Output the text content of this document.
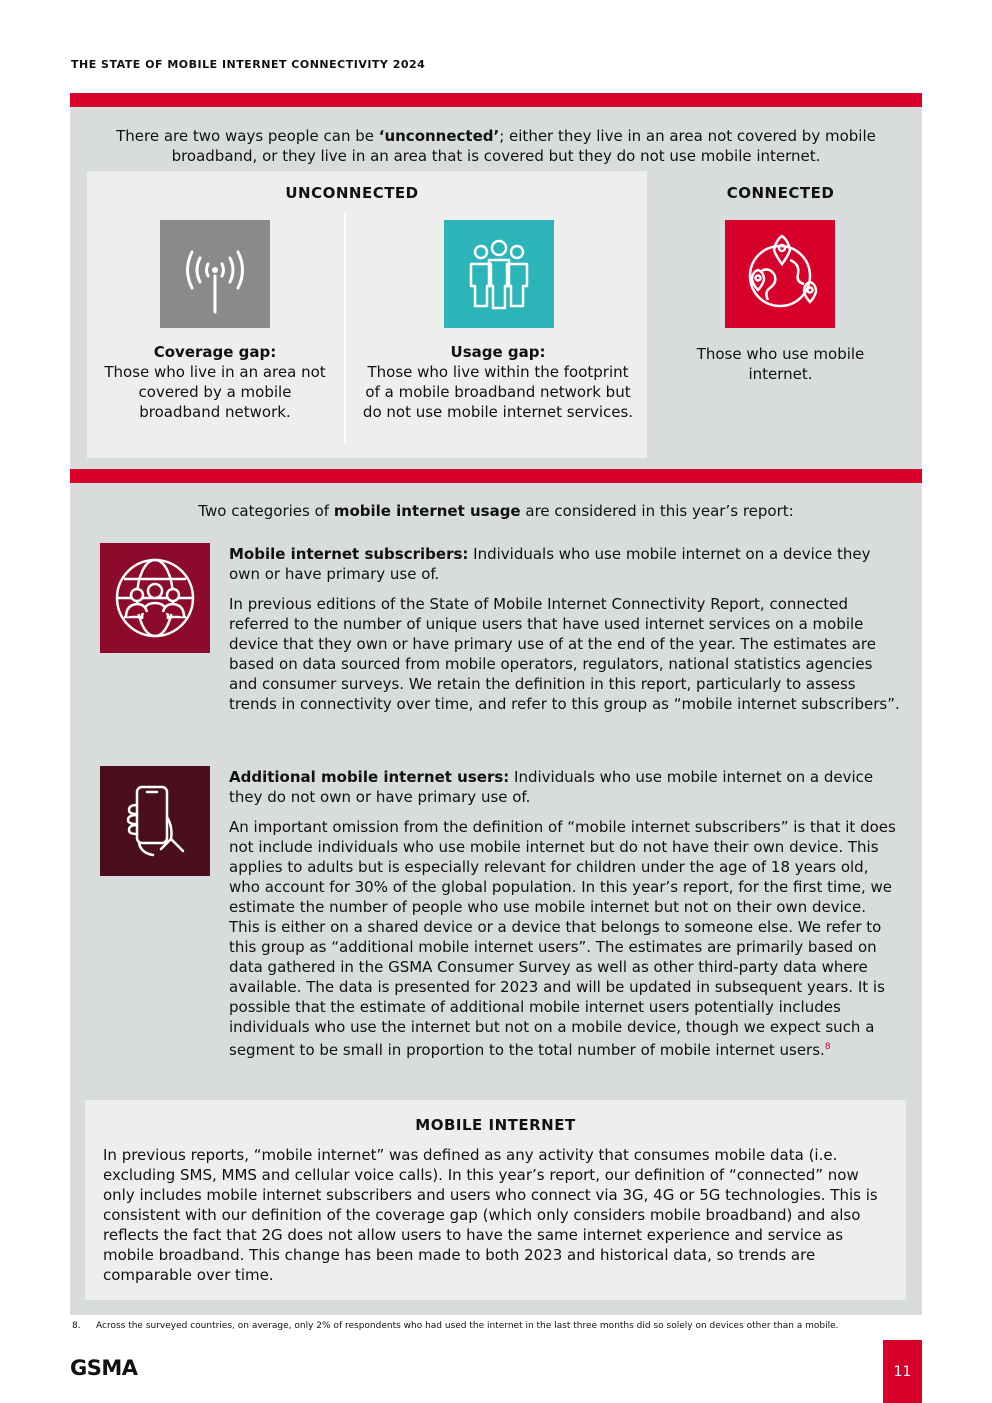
THE STATE OF MOBILE INTERNET CONNECTIVITY 2024
There are two ways people can be ‘unconnected’; either they live in an area not covered by mobile broadband, or they live in an area that is covered but they do not use mobile internet.
UNCONNECTED
Coverage gap:
Those who live in an area not covered by a mobile broadband network.
Usage gap:
Those who live within the footprint of a mobile broadband network but do not use mobile internet services.
CONNECTED
Those who use mobile internet.
Two categories of mobile internet usage are considered in this year’s report:

Mobile internet subscribers: Individuals who use mobile internet on a device they own or have primary use of.

In previous editions of the State of Mobile Internet Connectivity Report, connected referred to the number of unique users that have used internet services on a mobile device that they own or have primary use of at the end of the year. The estimates are based on data sourced from mobile operators, regulators, national statistics agencies and consumer surveys. We retain the definition in this report, particularly to assess trends in connectivity over time, and refer to this group as “mobile internet subscribers”.

Additional mobile internet users: Individuals who use mobile internet on a device they do not own or have primary use of.

An important omission from the definition of “mobile internet subscribers” is that it does not include individuals who use mobile internet but do not have their own device. This applies to adults but is especially relevant for children under the age of 18 years old, who account for 30% of the global population. In this year’s report, for the first time, we estimate the number of people who use mobile internet but not on their own device. This is either on a shared device or a device that belongs to someone else. We refer to this group as “additional mobile internet users”. The estimates are primarily based on data gathered in the GSMA Consumer Survey as well as other third-party data where available. The data is presented for 2023 and will be updated in subsequent years. It is possible that the estimate of additional mobile internet users potentially includes individuals who use the internet but not on a mobile device, though we expect such a segment to be small in proportion to the total number of mobile internet users.$^8$

MOBILE INTERNET
In previous reports, “mobile internet” was defined as any activity that consumes mobile data (i.e. excluding SMS, MMS and cellular voice calls). In this year’s report, our definition of “connected” now only includes mobile internet subscribers and users who connect via 3G, 4G or 5G technologies. This is consistent with our definition of the coverage gap (which only considers mobile broadband) and also reflects the fact that 2G does not allow users to have the same internet experience and service as mobile broadband. This change has been made to both 2023 and historical data, so trends are comparable over time.
8. Across the surveyed countries, on average, only 2% of respondents who had used the internet in the last three months did so solely on devices other than a mobile.
GSMA	11
